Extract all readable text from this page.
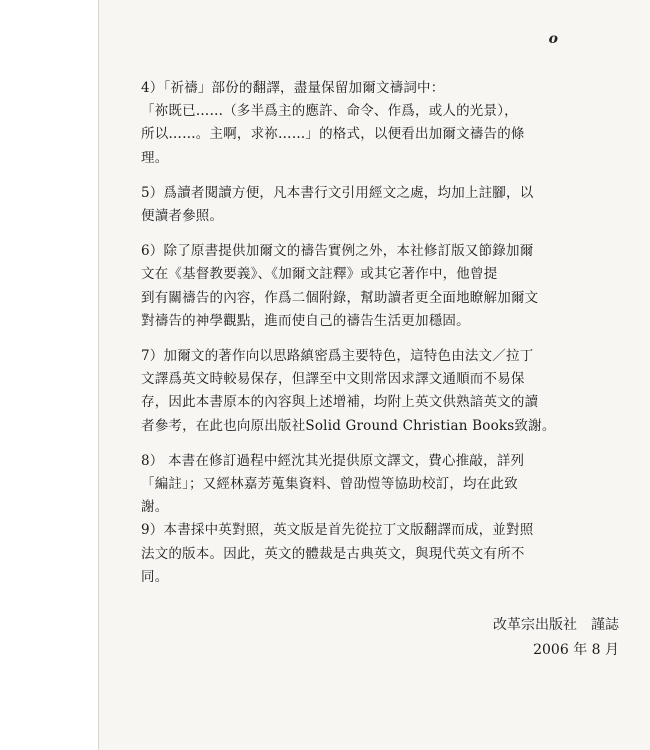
o
4）「祈禱」部份的翻譯，盡量保留加爾文禱詞中：
「祢既已……（多半爲主的應許、命令、作爲，或人的光景），
所以……。主啊，求祢……」的格式，以便看出加爾文禱告的條
理。
5）爲讀者閱讀方便，凡本書行文引用經文之處，均加上註腳，以
便讀者參照。
6）除了原書提供加爾文的禱告實例之外，本社修訂版又節錄加爾
文在《基督教要義》、《加爾文註釋》或其它著作中，他曾提
到有關禱告的內容，作爲二個附錄，幫助讀者更全面地瞭解加爾文
對禱告的神學觀點，進而使自己的禱告生活更加穩固。
7）加爾文的著作向以思路縝密爲主要特色，這特色由法文／拉丁
文譯爲英文時較易保存，但譯至中文則常因求譯文通順而不易保
存，因此本書原本的內容與上述增補，均附上英文供熟諳英文的讀
者參考，在此也向原出版社Solid Ground Christian Books致謝。
8） 本書在修訂過程中經沈其光提供原文譯文，費心推敲，詳列
「編註」；又經林嘉芳蒐集資料、曾劭愷等協助校訂，均在此致
謝。
9）本書採中英對照，英文版是首先從拉丁文版翻譯而成，並對照
法文的版本。因此，英文的體裁是古典英文，與現代英文有所不
同。
改革宗出版社　謹誌
2006 年 8 月
